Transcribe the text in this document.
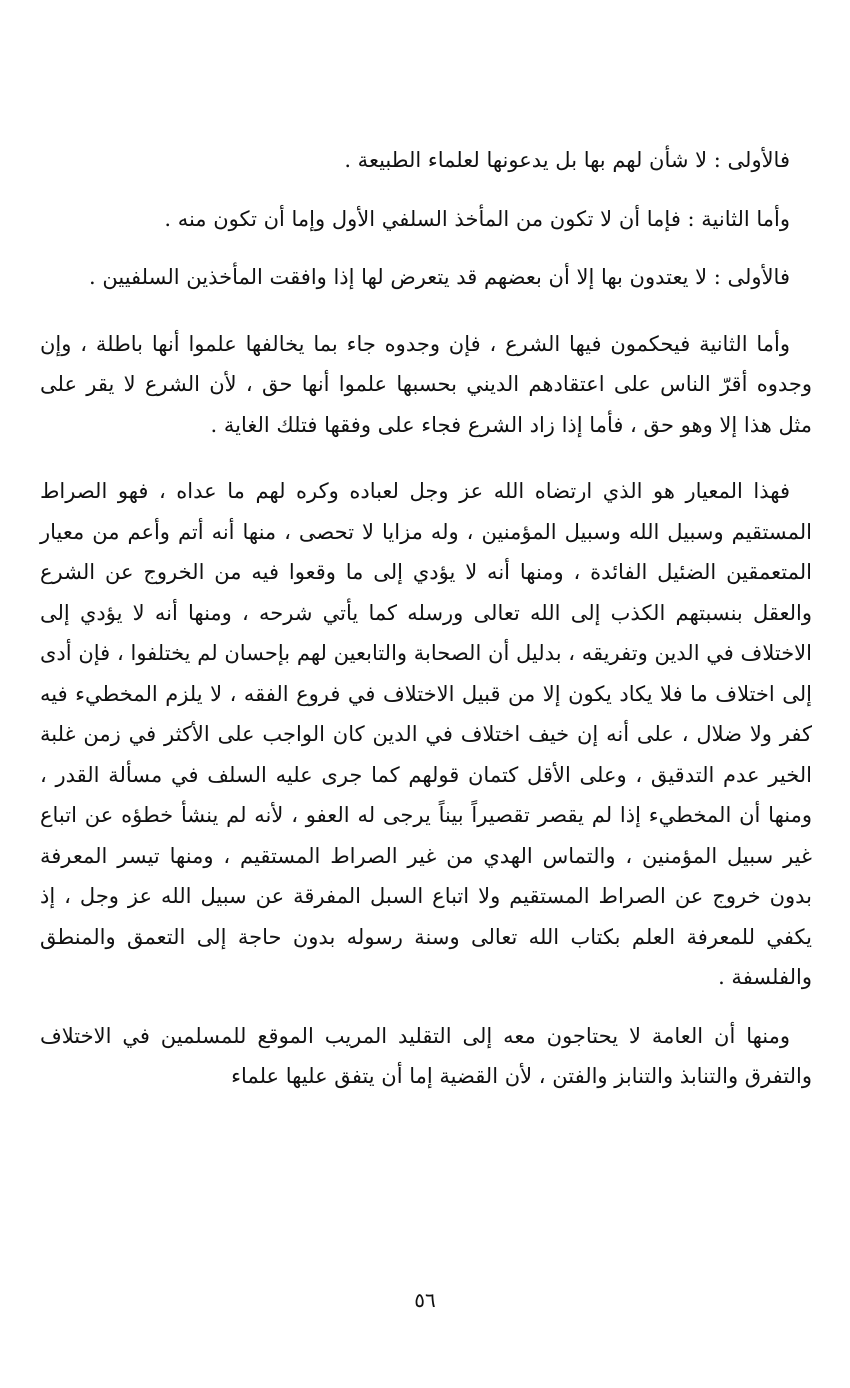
فالأولى : لا شأن لهم بها بل يدعونها لعلماء الطبيعة .

وأما الثانية : فإما أن لا تكون من المأخذ السلفي الأول وإما أن تكون منه .

فالأولى : لا يعتدون بها إلا أن بعضهم قد يتعرض لها إذا وافقت المأخذين السلفيين .

وأما الثانية فيحكمون فيها الشرع ، فإن وجدوه جاء بما يخالفها علموا أنها باطلة ، وإن وجدوه أقرّ الناس على اعتقادهم الديني بحسبها علموا أنها حق ، لأن الشرع لا يقر على مثل هذا إلا وهو حق ، فأما إذا زاد الشرع فجاء على وفقها فتلك الغاية .

فهذا المعيار هو الذي ارتضاه الله عز وجل لعباده وكره لهم ما عداه ، فهو الصراط المستقيم وسبيل الله وسبيل المؤمنين ، وله مزايا لا تحصى ، منها أنه أتم وأعم من معيار المتعمقين الضئيل الفائدة ، ومنها أنه لا يؤدي إلى ما وقعوا فيه من الخروج عن الشرع والعقل بنسبتهم الكذب إلى الله تعالى ورسله كما يأتي شرحه ، ومنها أنه لا يؤدي إلى الاختلاف في الدين وتفريقه ، بدليل أن الصحابة والتابعين لهم بإحسان لم يختلفوا ، فإن أدى إلى اختلاف ما فلا يكاد يكون إلا من قبيل الاختلاف في فروع الفقه ، لا يلزم المخطيء فيه كفر ولا ضلال ، على أنه إن خيف اختلاف في الدين كان الواجب على الأكثر في زمن غلبة الخير عدم التدقيق ، وعلى الأقل كتمان قولهم كما جرى عليه السلف في مسألة القدر ، ومنها أن المخطيء إذا لم يقصر تقصيراً بيناً يرجى له العفو ، لأنه لم ينشأ خطؤه عن اتباع غير سبيل المؤمنين ، والتماس الهدي من غير الصراط المستقيم ، ومنها تيسر المعرفة بدون خروج عن الصراط المستقيم ولا اتباع السبل المفرقة عن سبيل الله عز وجل ، إذ يكفي للمعرفة العلم بكتاب الله تعالى وسنة رسوله بدون حاجة إلى التعمق والمنطق والفلسفة .

ومنها أن العامة لا يحتاجون معه إلى التقليد المريب الموقع للمسلمين في الاختلاف والتفرق والتنابذ والتنابز والفتن ، لأن القضية إما أن يتفق عليها علماء

٥٦
